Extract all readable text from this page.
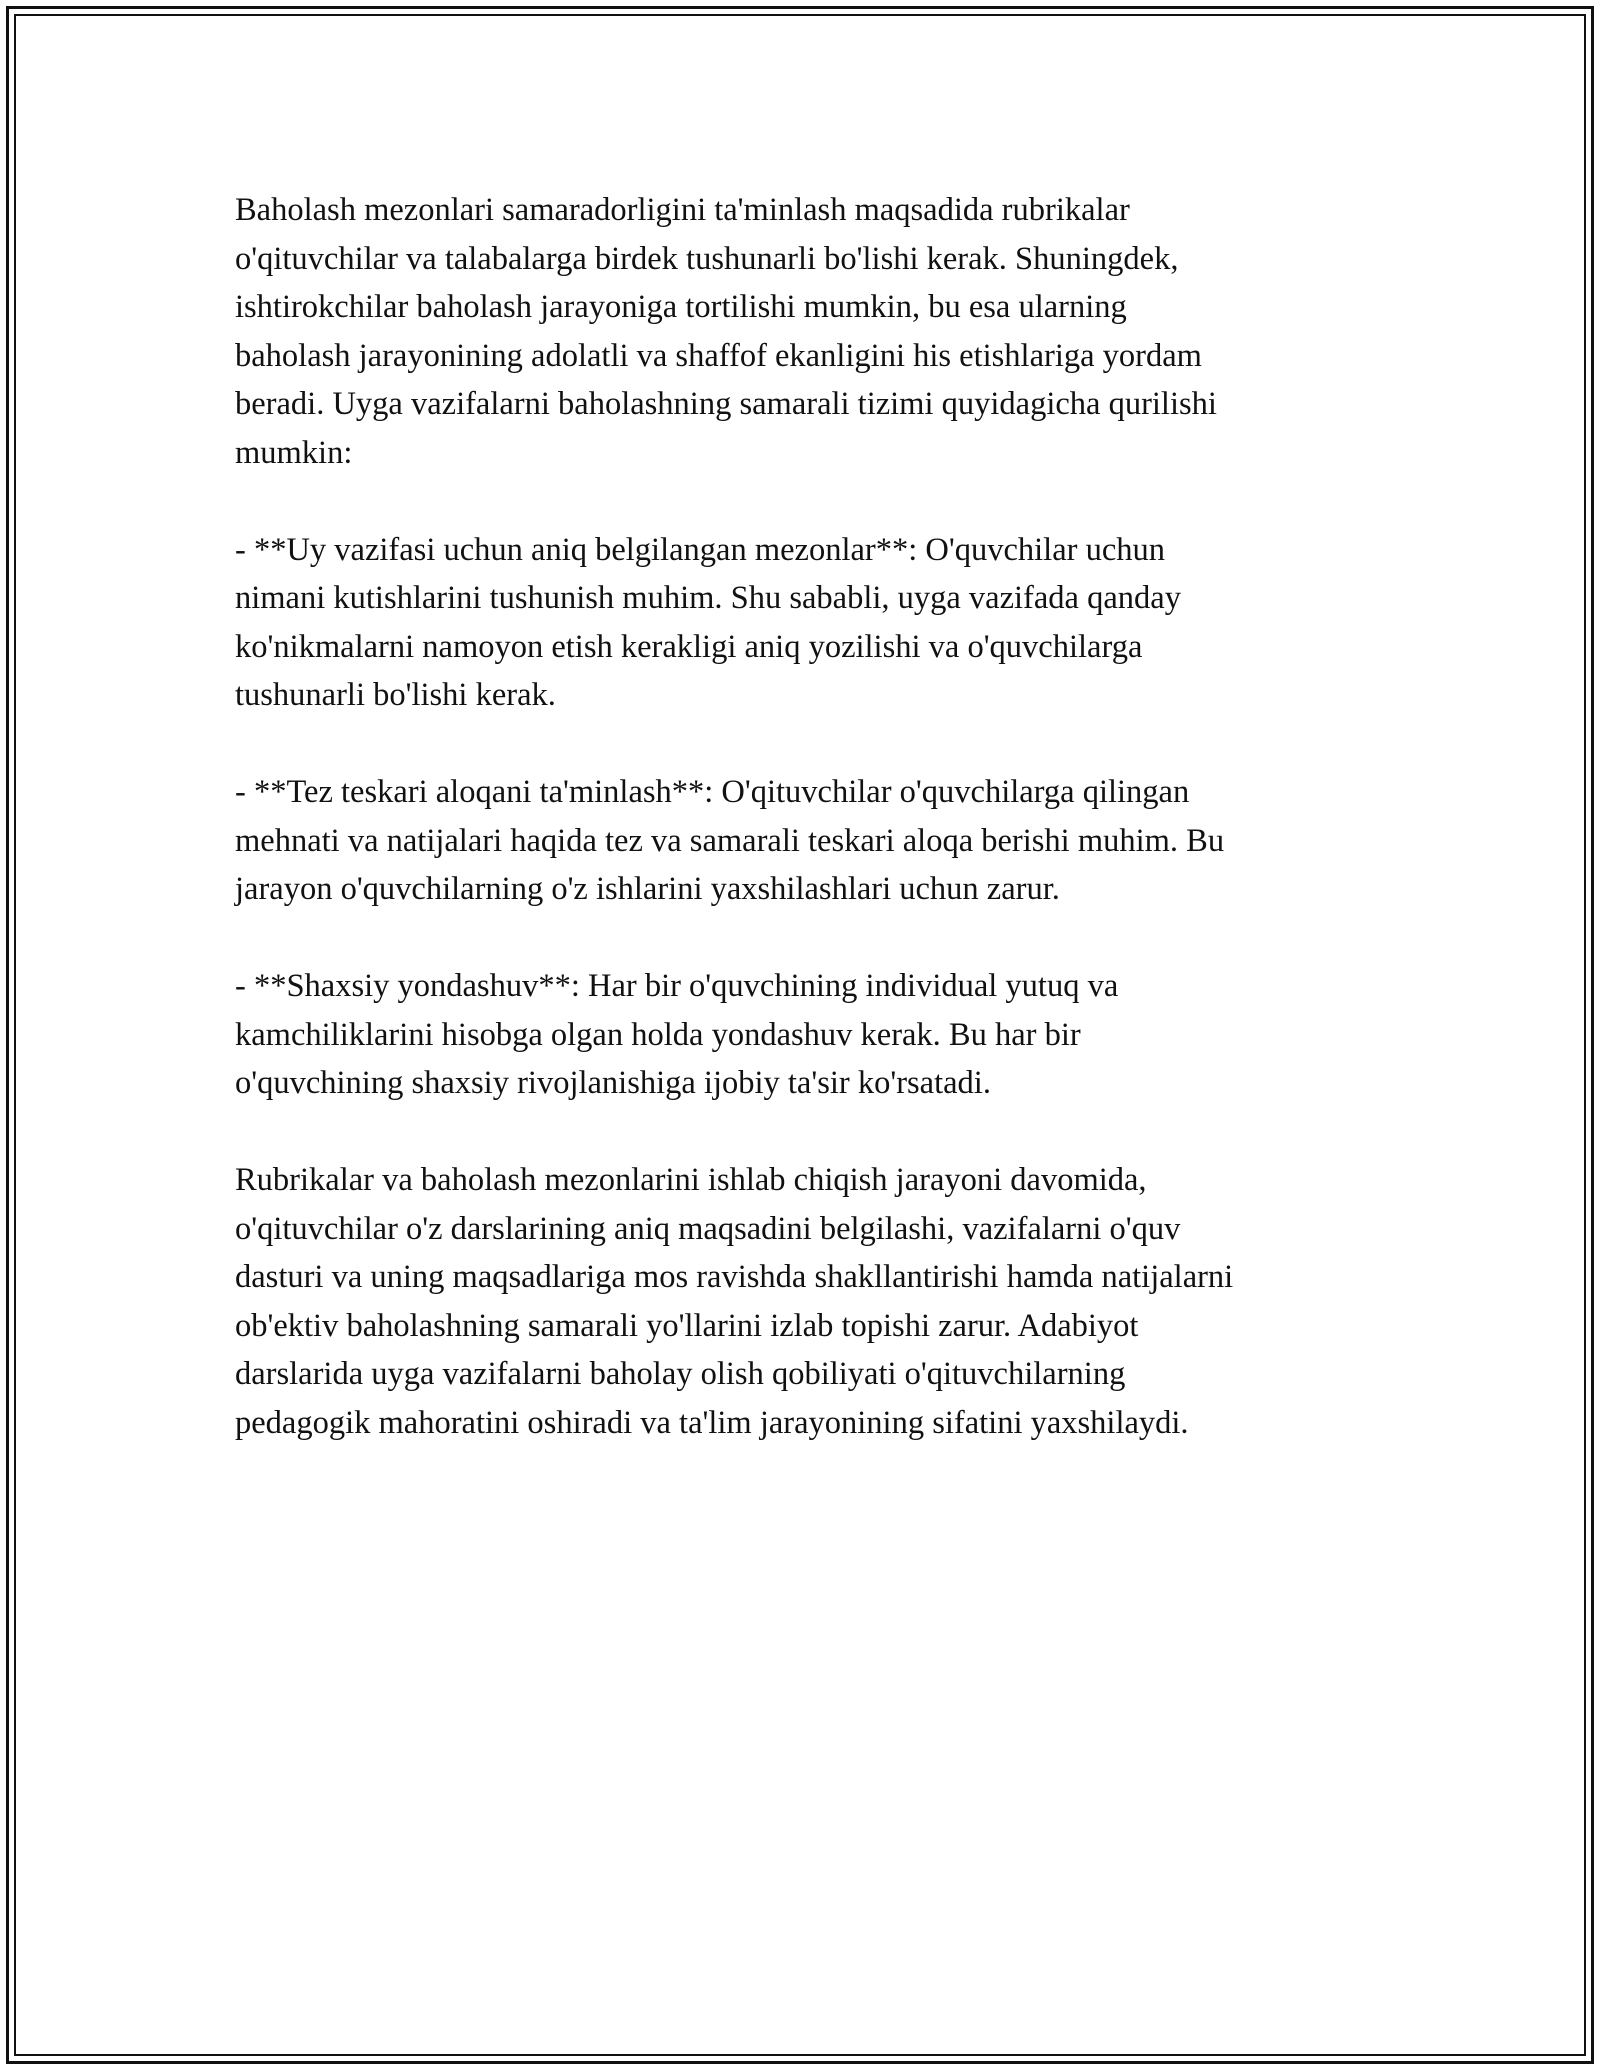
Baholash mezonlari samaradorligini ta'minlash maqsadida rubrikalar
o'qituvchilar va talabalarga birdek tushunarli bo'lishi kerak. Shuningdek,
ishtirokchilar baholash jarayoniga tortilishi mumkin, bu esa ularning
baholash jarayonining adolatli va shaffof ekanligini his etishlariga yordam
beradi. Uyga vazifalarni baholashning samarali tizimi quyidagicha qurilishi
mumkin:

- **Uy vazifasi uchun aniq belgilangan mezonlar**: O'quvchilar uchun
nimani kutishlarini tushunish muhim. Shu sababli, uyga vazifada qanday
ko'nikmalarni namoyon etish kerakligi aniq yozilishi va o'quvchilarga
tushunarli bo'lishi kerak.

- **Tez teskari aloqani ta'minlash**: O'qituvchilar o'quvchilarga qilingan
mehnati va natijalari haqida tez va samarali teskari aloqa berishi muhim. Bu
jarayon o'quvchilarning o'z ishlarini yaxshilashlari uchun zarur.

- **Shaxsiy yondashuv**: Har bir o'quvchining individual yutuq va
kamchiliklarini hisobga olgan holda yondashuv kerak. Bu har bir
o'quvchining shaxsiy rivojlanishiga ijobiy ta'sir ko'rsatadi.

Rubrikalar va baholash mezonlarini ishlab chiqish jarayoni davomida,
o'qituvchilar o'z darslarining aniq maqsadini belgilashi, vazifalarni o'quv
dasturi va uning maqsadlariga mos ravishda shakllantirishi hamda natijalarni
ob'ektiv baholashning samarali yo'llarini izlab topishi zarur. Adabiyot
darslarida uyga vazifalarni baholay olish qobiliyati o'qituvchilarning
pedagogik mahoratini oshiradi va ta'lim jarayonining sifatini yaxshilaydi.
